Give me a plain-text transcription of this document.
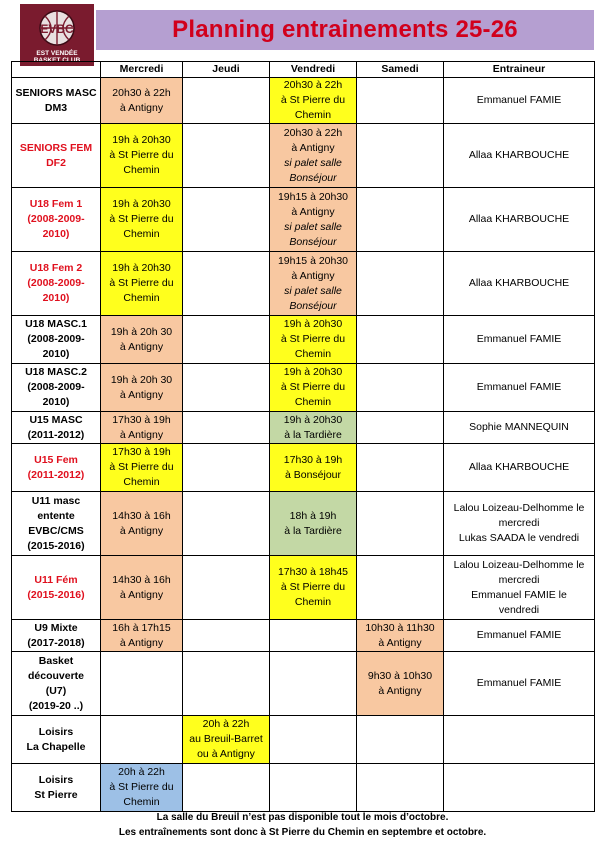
EVBC
EST VENDÉE
BASKET CLUB
Planning entrainements 25-26
	Mercredi	Jeudi	Vendredi	Samedi	Entraineur

SENIORS MASC
DM3	20h30 à 22h
à Antigny		20h30 à 22h
à St Pierre du
Chemin		Emmanuel FAMIE

SENIORS FEM
DF2	19h à 20h30
à St Pierre du
Chemin		20h30 à 22h
à Antigny
si palet salle
Bonséjour		Allaa KHARBOUCHE

U18 Fem 1
(2008-2009-
2010)	19h à 20h30
à St Pierre du
Chemin		19h15 à 20h30
à Antigny
si palet salle
Bonséjour		Allaa KHARBOUCHE

U18 Fem 2
(2008-2009-
2010)	19h à 20h30
à St Pierre du
Chemin		19h15 à 20h30
à Antigny
si palet salle
Bonséjour		Allaa KHARBOUCHE

U18 MASC.1
(2008-2009-
2010)	19h à 20h 30
à Antigny		19h à 20h30
à St Pierre du
Chemin		Emmanuel FAMIE

U18 MASC.2
(2008-2009-
2010)	19h à 20h 30
à Antigny		19h à 20h30
à St Pierre du
Chemin		Emmanuel FAMIE

U15 MASC
(2011-2012)	17h30 à 19h
à Antigny		19h à 20h30
à la Tardière		Sophie MANNEQUIN

U15 Fem
(2011-2012)	17h30 à 19h
à St Pierre du
Chemin		17h30 à 19h
à Bonséjour		Allaa KHARBOUCHE

U11 masc
entente
EVBC/CMS
(2015-2016)	14h30 à 16h
à Antigny		18h à 19h
à la Tardière		Lalou Loizeau-Delhomme le
mercredi
Lukas SAADA le vendredi

U11 Fém
(2015-2016)	14h30 à 16h
à Antigny		17h30 à 18h45
à St Pierre du
Chemin		Lalou Loizeau-Delhomme le
mercredi
Emmanuel FAMIE le
vendredi

U9 Mixte
(2017-2018)	16h à 17h15
à Antigny			10h30 à 11h30
à Antigny	Emmanuel FAMIE

Basket
découverte
(U7)
(2019-20 ..)				9h30 à 10h30
à Antigny	Emmanuel FAMIE

Loisirs
La Chapelle		20h à 22h
au Breuil-Barret
ou à Antigny			

Loisirs
St Pierre	20h à 22h
à St Pierre du
Chemin				

La salle du Breuil n’est pas disponible tout le mois d’octobre.
Les entraînements sont donc à St Pierre du Chemin en septembre et octobre.
